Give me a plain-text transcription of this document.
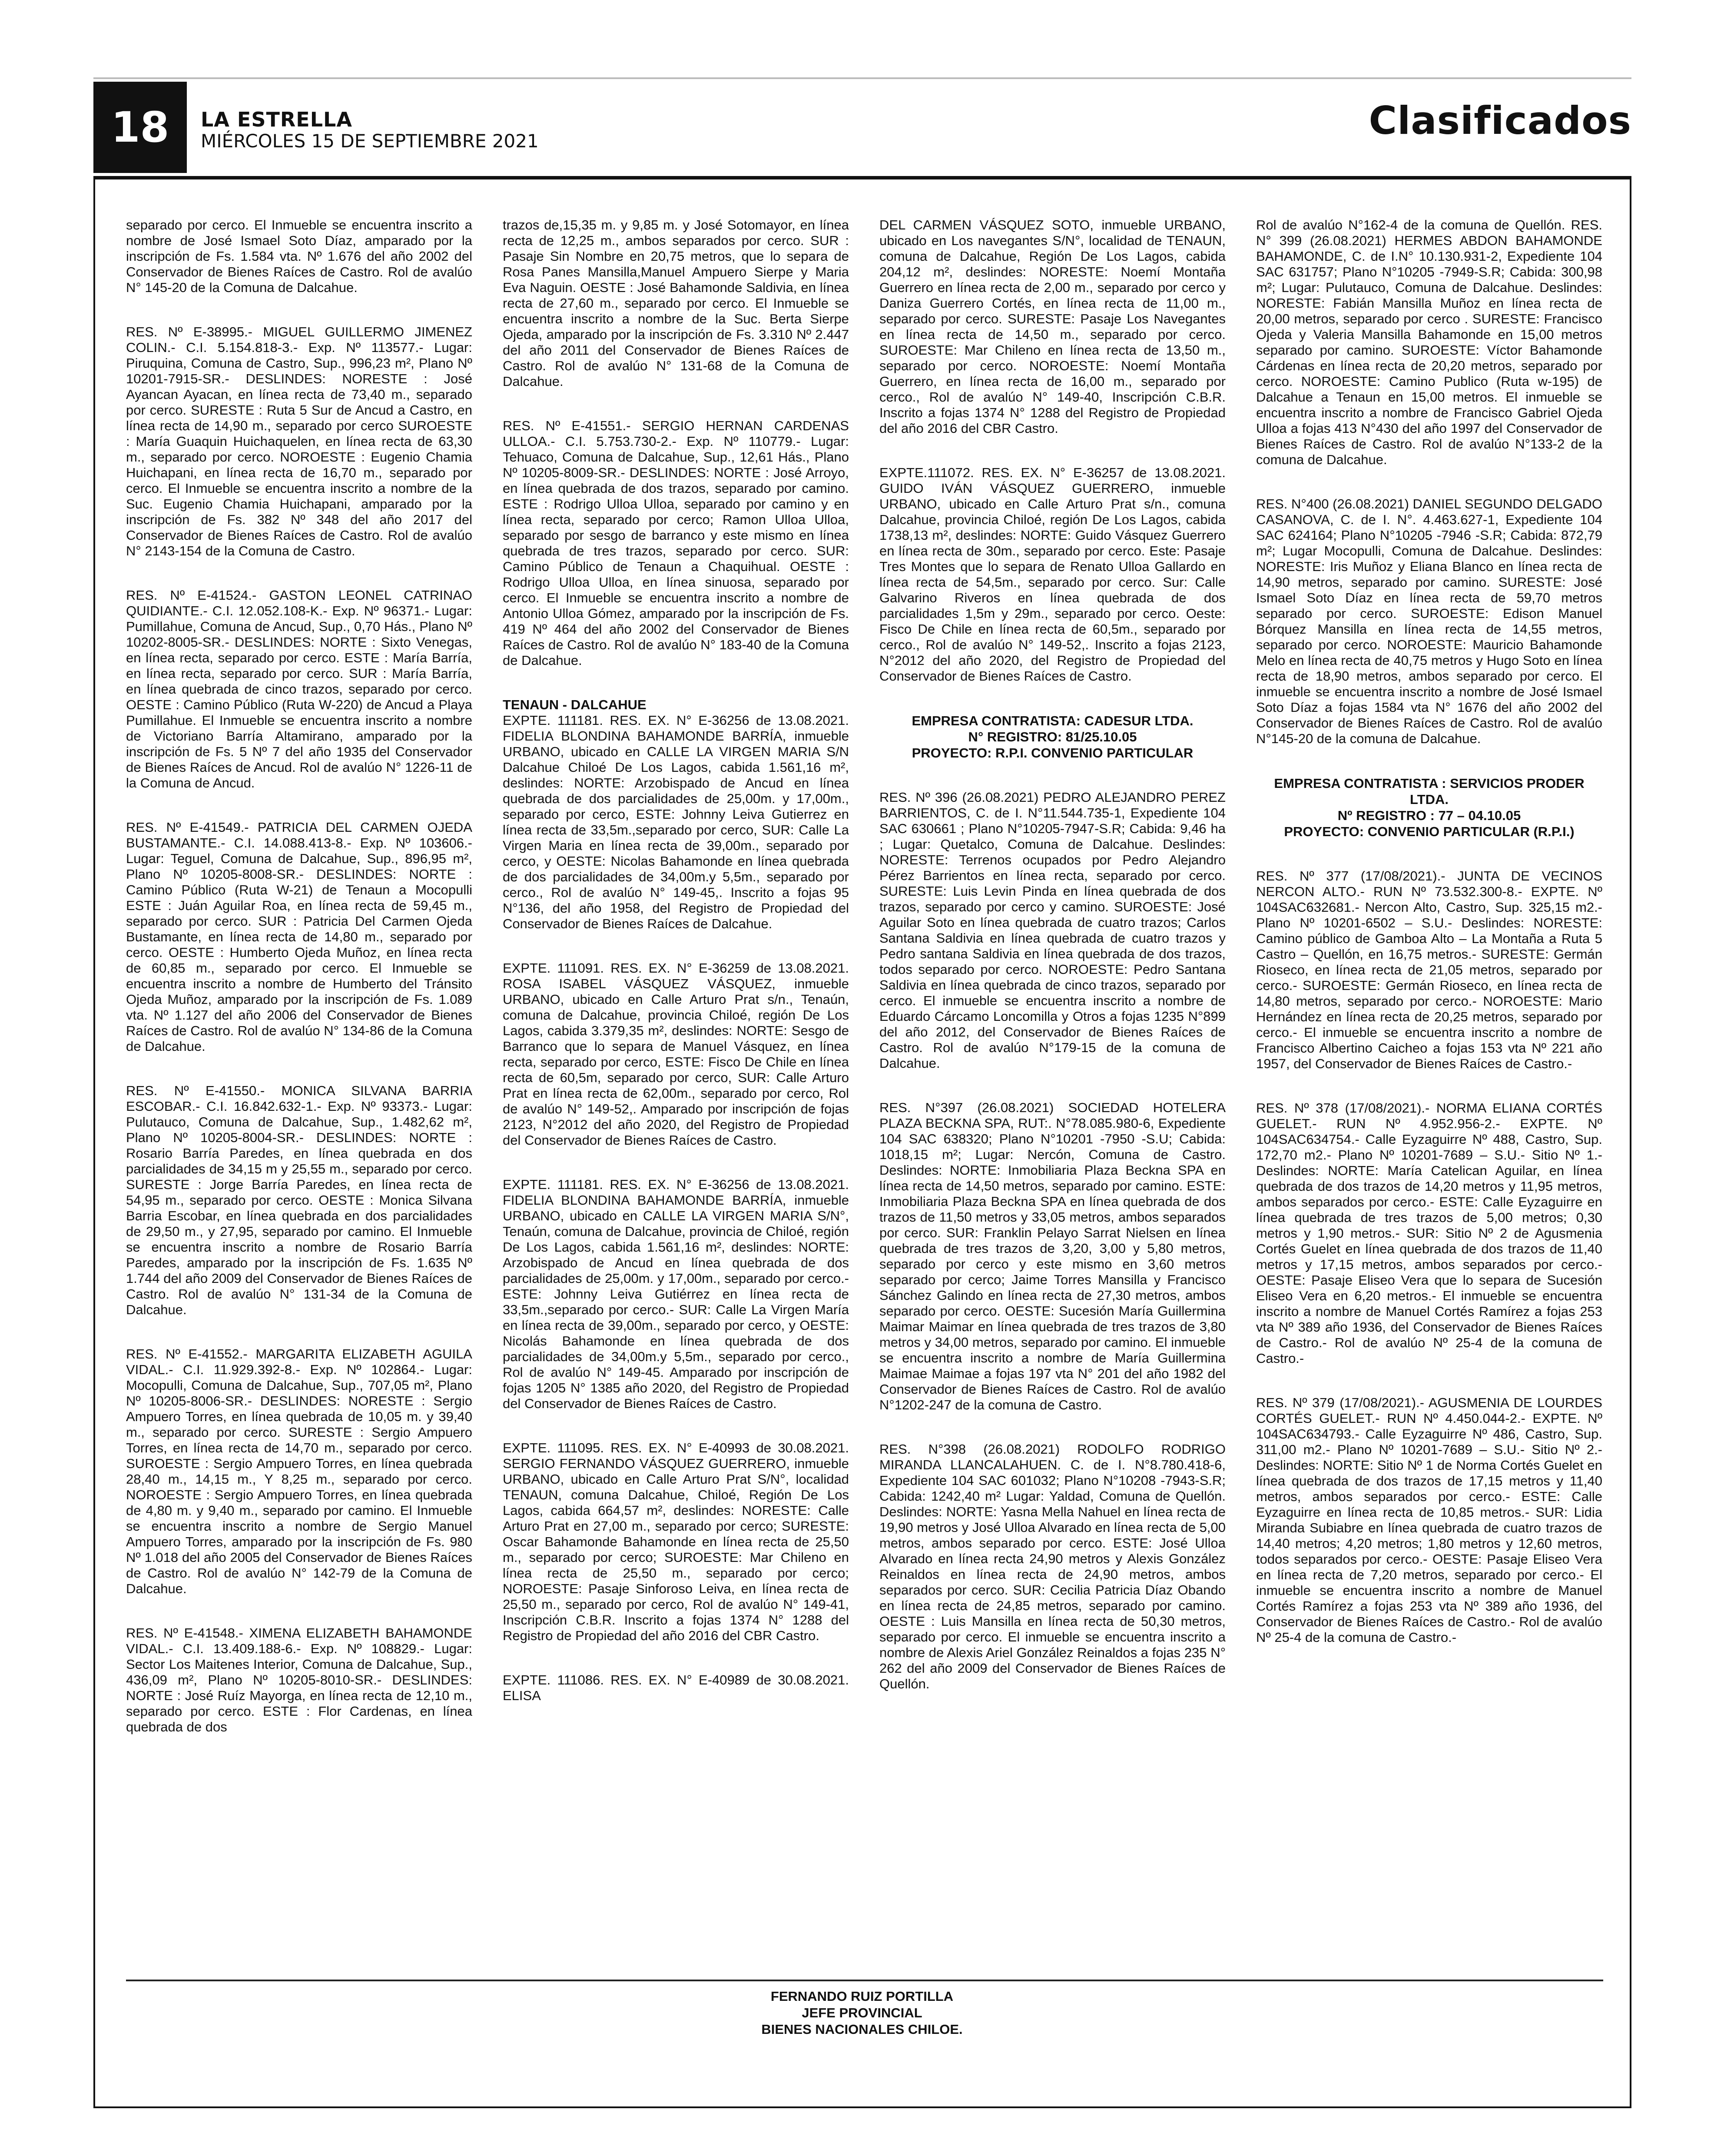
18	LA ESTRELLA
MIÉRCOLES 15 DE SEPTIEMBRE 2021	Clasificados

separado por cerco. El Inmueble se encuentra inscrito a nombre de José Ismael Soto Díaz, amparado por la inscripción de Fs. 1.584 vta. Nº 1.676 del año 2002 del Conservador de Bienes Raíces de Castro. Rol de avalúo N° 145-20 de la Comuna de Dalcahue.

RES. Nº E-38995.- MIGUEL GUILLERMO JIMENEZ COLIN.- C.I. 5.154.818-3.- Exp. Nº 113577.- Lugar: Piruquina, Comuna de Castro, Sup., 996,23 m², Plano Nº 10201-7915-SR.- DESLINDES: NORESTE : José Ayancan Ayacan, en línea recta de 73,40 m., separado por cerco. SURESTE : Ruta 5 Sur de Ancud a Castro, en línea recta de 14,90 m., separado por cerco SUROESTE : María Guaquin Huichaquelen, en línea recta de 63,30 m., separado por cerco. NOROESTE : Eugenio Chamia Huichapani, en línea recta de 16,70 m., separado por cerco. El Inmueble se encuentra inscrito a nombre de la Suc. Eugenio Chamia Huichapani, amparado por la inscripción de Fs. 382 Nº 348 del año 2017 del Conservador de Bienes Raíces de Castro. Rol de avalúo N° 2143-154 de la Comuna de Castro.

RES. Nº E-41524.- GASTON LEONEL CATRINAO QUIDIANTE.- C.I. 12.052.108-K.- Exp. Nº 96371.- Lugar: Pumillahue, Comuna de Ancud, Sup., 0,70 Hás., Plano Nº 10202-8005-SR.- DESLINDES: NORTE : Sixto Venegas, en línea recta, separado por cerco. ESTE : María Barría, en línea recta, separado por cerco. SUR : María Barría, en línea quebrada de cinco trazos, separado por cerco. OESTE : Camino Público (Ruta W-220) de Ancud a Playa Pumillahue. El Inmueble se encuentra inscrito a nombre de Victoriano Barría Altamirano, amparado por la inscripción de Fs. 5 Nº 7 del año 1935 del Conservador de Bienes Raíces de Ancud. Rol de avalúo N° 1226-11 de la Comuna de Ancud.

RES. Nº E-41549.- PATRICIA DEL CARMEN OJEDA BUSTAMANTE.- C.I. 14.088.413-8.- Exp. Nº 103606.- Lugar: Teguel, Comuna de Dalcahue, Sup., 896,95 m², Plano Nº 10205-8008-SR.- DESLINDES: NORTE : Camino Público (Ruta W-21) de Tenaun a Mocopulli ESTE : Juán Aguilar Roa, en línea recta de 59,45 m., separado por cerco. SUR : Patricia Del Carmen Ojeda Bustamante, en línea recta de 14,80 m., separado por cerco. OESTE : Humberto Ojeda Muñoz, en línea recta de 60,85 m., separado por cerco. El Inmueble se encuentra inscrito a nombre de Humberto del Tránsito Ojeda Muñoz, amparado por la inscripción de Fs. 1.089 vta. Nº 1.127 del año 2006 del Conservador de Bienes Raíces de Castro. Rol de avalúo N° 134-86 de la Comuna de Dalcahue.

RES. Nº E-41550.- MONICA SILVANA BARRIA ESCOBAR.- C.I. 16.842.632-1.- Exp. Nº 93373.- Lugar: Pulutauco, Comuna de Dalcahue, Sup., 1.482,62 m², Plano Nº 10205-8004-SR.- DESLINDES: NORTE : Rosario Barría Paredes, en línea quebrada en dos parcialidades de 34,15 m y 25,55 m., separado por cerco. SURESTE : Jorge Barría Paredes, en línea recta de 54,95 m., separado por cerco. OESTE : Monica Silvana Barria Escobar, en línea quebrada en dos parcialidades de 29,50 m., y 27,95, separado por camino. El Inmueble se encuentra inscrito a nombre de Rosario Barría Paredes, amparado por la inscripción de Fs. 1.635 Nº 1.744 del año 2009 del Conservador de Bienes Raíces de Castro. Rol de avalúo N° 131-34 de la Comuna de Dalcahue.

RES. Nº E-41552.- MARGARITA ELIZABETH AGUILA VIDAL.- C.I. 11.929.392-8.- Exp. Nº 102864.- Lugar: Mocopulli, Comuna de Dalcahue, Sup., 707,05 m², Plano Nº 10205-8006-SR.- DESLINDES: NORESTE : Sergio Ampuero Torres, en línea quebrada de 10,05 m. y 39,40 m., separado por cerco. SURESTE : Sergio Ampuero Torres, en línea recta de 14,70 m., separado por cerco. SUROESTE : Sergio Ampuero Torres, en línea quebrada 28,40 m., 14,15 m., Y 8,25 m., separado por cerco. NOROESTE : Sergio Ampuero Torres, en línea quebrada de 4,80 m. y 9,40 m., separado por camino. El Inmueble se encuentra inscrito a nombre de Sergio Manuel Ampuero Torres, amparado por la inscripción de Fs. 980 Nº 1.018 del año 2005 del Conservador de Bienes Raíces de Castro. Rol de avalúo N° 142-79 de la Comuna de Dalcahue.

RES. Nº E-41548.- XIMENA ELIZABETH BAHAMONDE VIDAL.- C.I. 13.409.188-6.- Exp. Nº 108829.- Lugar: Sector Los Maitenes Interior, Comuna de Dalcahue, Sup., 436,09 m², Plano Nº 10205-8010-SR.- DESLINDES: NORTE : José Ruíz Mayorga, en línea recta de 12,10 m., separado por cerco. ESTE : Flor Cardenas, en línea quebrada de dos

trazos de,15,35 m. y 9,85 m. y José Sotomayor, en línea recta de 12,25 m., ambos separados por cerco. SUR : Pasaje Sin Nombre en 20,75 metros, que lo separa de Rosa Panes Mansilla,Manuel Ampuero Sierpe y Maria Eva Naguin. OESTE : José Bahamonde Saldivia, en línea recta de 27,60 m., separado por cerco. El Inmueble se encuentra inscrito a nombre de la Suc. Berta Sierpe Ojeda, amparado por la inscripción de Fs. 3.310 Nº 2.447 del año 2011 del Conservador de Bienes Raíces de Castro. Rol de avalúo N° 131-68 de la Comuna de Dalcahue.

RES. Nº E-41551.- SERGIO HERNAN CARDENAS ULLOA.- C.I. 5.753.730-2.- Exp. Nº 110779.- Lugar: Tehuaco, Comuna de Dalcahue, Sup., 12,61 Hás., Plano Nº 10205-8009-SR.- DESLINDES: NORTE : José Arroyo, en línea quebrada de dos trazos, separado por camino. ESTE : Rodrigo Ulloa Ulloa, separado por camino y en línea recta, separado por cerco; Ramon Ulloa Ulloa, separado por sesgo de barranco y este mismo en línea quebrada de tres trazos, separado por cerco. SUR: Camino Público de Tenaun a Chaquihual. OESTE : Rodrigo Ulloa Ulloa, en línea sinuosa, separado por cerco. El Inmueble se encuentra inscrito a nombre de Antonio Ulloa Gómez, amparado por la inscripción de Fs. 419 Nº 464 del año 2002 del Conservador de Bienes Raíces de Castro. Rol de avalúo N° 183-40 de la Comuna de Dalcahue.

TENAUN - DALCAHUE

EXPTE. 111181. RES. EX. N° E-36256 de 13.08.2021. FIDELIA BLONDINA BAHAMONDE BARRÍA, inmueble URBANO, ubicado en CALLE LA VIRGEN MARIA S/N Dalcahue Chiloé De Los Lagos, cabida 1.561,16 m², deslindes: NORTE: Arzobispado de Ancud en línea quebrada de dos parcialidades de 25,00m. y 17,00m., separado por cerco, ESTE: Johnny Leiva Gutierrez en línea recta de 33,5m.,separado por cerco, SUR: Calle La Virgen Maria en línea recta de 39,00m., separado por cerco, y OESTE: Nicolas Bahamonde en línea quebrada de dos parcialidades de 34,00m.y 5,5m., separado por cerco., Rol de avalúo N° 149-45,. Inscrito a fojas 95 N°136, del año 1958, del Registro de Propiedad del Conservador de Bienes Raíces de Dalcahue.

EXPTE. 111091. RES. EX. N° E-36259 de 13.08.2021. ROSA ISABEL VÁSQUEZ VÁSQUEZ, inmueble URBANO, ubicado en Calle Arturo Prat s/n., Tenaún, comuna de Dalcahue, provincia Chiloé, región De Los Lagos, cabida 3.379,35 m², deslindes: NORTE: Sesgo de Barranco que lo separa de Manuel Vásquez, en línea recta, separado por cerco, ESTE: Fisco De Chile en línea recta de 60,5m, separado por cerco, SUR: Calle Arturo Prat en línea recta de 62,00m., separado por cerco, Rol de avalúo N° 149-52,. Amparado por inscripción de fojas 2123, N°2012 del año 2020, del Registro de Propiedad del Conservador de Bienes Raíces de Castro.

EXPTE. 111181. RES. EX. N° E-36256 de 13.08.2021. FIDELIA BLONDINA BAHAMONDE BARRÍA, inmueble URBANO, ubicado en CALLE LA VIRGEN MARIA S/N°, Tenaún, comuna de Dalcahue, provincia de Chiloé, región De Los Lagos, cabida 1.561,16 m², deslindes: NORTE: Arzobispado de Ancud en línea quebrada de dos parcialidades de 25,00m. y 17,00m., separado por cerco.- ESTE: Johnny Leiva Gutiérrez en línea recta de 33,5m.,separado por cerco.- SUR: Calle La Virgen María en línea recta de 39,00m., separado por cerco, y OESTE: Nicolás Bahamonde en línea quebrada de dos parcialidades de 34,00m.y 5,5m., separado por cerco., Rol de avalúo N° 149-45. Amparado por inscripción de fojas 1205 N° 1385 año 2020, del Registro de Propiedad del Conservador de Bienes Raíces de Castro.

EXPTE. 111095. RES. EX. N° E-40993 de 30.08.2021. SERGIO FERNANDO VÁSQUEZ GUERRERO, inmueble URBANO, ubicado en Calle Arturo Prat S/N°, localidad TENAUN, comuna Dalcahue, Chiloé, Región De Los Lagos, cabida 664,57 m², deslindes: NORESTE: Calle Arturo Prat en 27,00 m., separado por cerco; SURESTE: Oscar Bahamonde Bahamonde en línea recta de 25,50 m., separado por cerco; SUROESTE: Mar Chileno en línea recta de 25,50 m., separado por cerco; NOROESTE: Pasaje Sinforoso Leiva, en línea recta de 25,50 m., separado por cerco, Rol de avalúo N° 149-41, Inscripción C.B.R. Inscrito a fojas 1374 N° 1288 del Registro de Propiedad del año 2016 del CBR Castro.

EXPTE. 111086. RES. EX. N° E-40989 de 30.08.2021. ELISA

DEL CARMEN VÁSQUEZ SOTO, inmueble URBANO, ubicado en Los navegantes S/N°, localidad de TENAUN, comuna de Dalcahue, Región De Los Lagos, cabida 204,12 m², deslindes: NORESTE: Noemí Montaña Guerrero en línea recta de 2,00 m., separado por cerco y Daniza Guerrero Cortés, en línea recta de 11,00 m., separado por cerco. SURESTE: Pasaje Los Navegantes en línea recta de 14,50 m., separado por cerco. SUROESTE: Mar Chileno en línea recta de 13,50 m., separado por cerco. NOROESTE: Noemí Montaña Guerrero, en línea recta de 16,00 m., separado por cerco., Rol de avalúo N° 149-40, Inscripción C.B.R. Inscrito a fojas 1374 N° 1288 del Registro de Propiedad del año 2016 del CBR Castro.

EXPTE.111072. RES. EX. N° E-36257 de 13.08.2021. GUIDO IVÁN VÁSQUEZ GUERRERO, inmueble URBANO, ubicado en Calle Arturo Prat s/n., comuna Dalcahue, provincia Chiloé, región De Los Lagos, cabida 1738,13 m², deslindes: NORTE: Guido Vásquez Guerrero en línea recta de 30m., separado por cerco. Este: Pasaje Tres Montes que lo separa de Renato Ulloa Gallardo en línea recta de 54,5m., separado por cerco. Sur: Calle Galvarino Riveros en línea quebrada de dos parcialidades 1,5m y 29m., separado por cerco. Oeste: Fisco De Chile en línea recta de 60,5m., separado por cerco., Rol de avalúo N° 149-52,. Inscrito a fojas 2123, N°2012 del año 2020, del Registro de Propiedad del Conservador de Bienes Raíces de Castro.

EMPRESA CONTRATISTA: CADESUR LTDA.
N° REGISTRO: 81/25.10.05
PROYECTO: R.P.I. CONVENIO PARTICULAR

RES. Nº 396 (26.08.2021) PEDRO ALEJANDRO PEREZ BARRIENTOS, C. de I. N°11.544.735-1, Expediente 104 SAC 630661 ; Plano N°10205-7947-S.R; Cabida: 9,46 ha ; Lugar: Quetalco, Comuna de Dalcahue. Deslindes: NORESTE: Terrenos ocupados por Pedro Alejandro Pérez Barrientos en línea recta, separado por cerco. SURESTE: Luis Levin Pinda en línea quebrada de dos trazos, separado por cerco y camino. SUROESTE: José Aguilar Soto en línea quebrada de cuatro trazos; Carlos Santana Saldivia en línea quebrada de cuatro trazos y Pedro santana Saldivia en línea quebrada de dos trazos, todos separado por cerco. NOROESTE: Pedro Santana Saldivia en línea quebrada de cinco trazos, separado por cerco. El inmueble se encuentra inscrito a nombre de Eduardo Cárcamo Loncomilla y Otros a fojas 1235 N°899 del año 2012, del Conservador de Bienes Raíces de Castro. Rol de avalúo N°179-15 de la comuna de Dalcahue.

RES. N°397 (26.08.2021) SOCIEDAD HOTELERA PLAZA BECKNA SPA, RUT:. N°78.085.980-6, Expediente 104 SAC 638320; Plano N°10201 -7950 -S.U; Cabida: 1018,15 m²; Lugar: Nercón, Comuna de Castro. Deslindes: NORTE: Inmobiliaria Plaza Beckna SPA en línea recta de 14,50 metros, separado por camino. ESTE: Inmobiliaria Plaza Beckna SPA en línea quebrada de dos trazos de 11,50 metros y 33,05 metros, ambos separados por cerco. SUR: Franklin Pelayo Sarrat Nielsen en línea quebrada de tres trazos de 3,20, 3,00 y 5,80 metros, separado por cerco y este mismo en 3,60 metros separado por cerco; Jaime Torres Mansilla y Francisco Sánchez Galindo en línea recta de 27,30 metros, ambos separado por cerco. OESTE: Sucesión María Guillermina Maimar Maimar en línea quebrada de tres trazos de 3,80 metros y 34,00 metros, separado por camino. El inmueble se encuentra inscrito a nombre de María Guillermina Maimae Maimae a fojas 197 vta N° 201 del año 1982 del Conservador de Bienes Raíces de Castro. Rol de avalúo N°1202-247 de la comuna de Castro.

RES. N°398 (26.08.2021) RODOLFO RODRIGO MIRANDA LLANCALAHUEN. C. de I. N°8.780.418-6, Expediente 104 SAC 601032; Plano N°10208 -7943-S.R; Cabida: 1242,40 m² Lugar: Yaldad, Comuna de Quellón. Deslindes: NORTE: Yasna Mella Nahuel en línea recta de 19,90 metros y José Ulloa Alvarado en línea recta de 5,00 metros, ambos separado por cerco. ESTE: José Ulloa Alvarado en línea recta 24,90 metros y Alexis González Reinaldos en línea recta de 24,90 metros, ambos separados por cerco. SUR: Cecilia Patricia Díaz Obando en línea recta de 24,85 metros, separado por camino. OESTE : Luis Mansilla en línea recta de 50,30 metros, separado por cerco. El inmueble se encuentra inscrito a nombre de Alexis Ariel González Reinaldos a fojas 235 N° 262 del año 2009 del Conservador de Bienes Raíces de Quellón.

Rol de avalúo N°162-4 de la comuna de Quellón. RES. N° 399 (26.08.2021) HERMES ABDON BAHAMONDE BAHAMONDE, C. de I.N° 10.130.931-2, Expediente 104 SAC 631757; Plano N°10205 -7949-S.R; Cabida: 300,98 m²; Lugar: Pulutauco, Comuna de Dalcahue. Deslindes: NORESTE: Fabián Mansilla Muñoz en línea recta de 20,00 metros, separado por cerco . SURESTE: Francisco Ojeda y Valeria Mansilla Bahamonde en 15,00 metros separado por camino. SUROESTE: Víctor Bahamonde Cárdenas en línea recta de 20,20 metros, separado por cerco. NOROESTE: Camino Publico (Ruta w-195) de Dalcahue a Tenaun en 15,00 metros. El inmueble se encuentra inscrito a nombre de Francisco Gabriel Ojeda Ulloa a fojas 413 N°430 del año 1997 del Conservador de Bienes Raíces de Castro. Rol de avalúo N°133-2 de la comuna de Dalcahue.

RES. N°400 (26.08.2021) DANIEL SEGUNDO DELGADO CASANOVA, C. de I. N°. 4.463.627-1, Expediente 104 SAC 624164; Plano N°10205 -7946 -S.R; Cabida: 872,79 m²; Lugar Mocopulli, Comuna de Dalcahue. Deslindes: NORESTE: Iris Muñoz y Eliana Blanco en línea recta de 14,90 metros, separado por camino. SURESTE: José Ismael Soto Díaz en línea recta de 59,70 metros separado por cerco. SUROESTE: Edison Manuel Bórquez Mansilla en línea recta de 14,55 metros, separado por cerco. NOROESTE: Mauricio Bahamonde Melo en línea recta de 40,75 metros y Hugo Soto en línea recta de 18,90 metros, ambos separado por cerco. El inmueble se encuentra inscrito a nombre de José Ismael Soto Díaz a fojas 1584 vta N° 1676 del año 2002 del Conservador de Bienes Raíces de Castro. Rol de avalúo N°145-20 de la comuna de Dalcahue.

EMPRESA CONTRATISTA : SERVICIOS PRODER LTDA.
Nº REGISTRO : 77 – 04.10.05
PROYECTO: CONVENIO PARTICULAR (R.P.I.)

RES. Nº 377 (17/08/2021).- JUNTA DE VECINOS NERCON ALTO.- RUN Nº 73.532.300-8.- EXPTE. Nº 104SAC632681.- Nercon Alto, Castro, Sup. 325,15 m2.- Plano Nº 10201-6502 – S.U.- Deslindes: NORESTE: Camino público de Gamboa Alto – La Montaña a Ruta 5 Castro – Quellón, en 16,75 metros.- SURESTE: Germán Rioseco, en línea recta de 21,05 metros, separado por cerco.- SUROESTE: Germán Rioseco, en línea recta de 14,80 metros, separado por cerco.- NOROESTE: Mario Hernández en línea recta de 20,25 metros, separado por cerco.- El inmueble se encuentra inscrito a nombre de Francisco Albertino Caicheo a fojas 153 vta Nº 221 año 1957, del Conservador de Bienes Raíces de Castro.-

RES. Nº 378 (17/08/2021).- NORMA ELIANA CORTÉS GUELET.- RUN Nº 4.952.956-2.- EXPTE. Nº 104SAC634754.- Calle Eyzaguirre Nº 488, Castro, Sup. 172,70 m2.- Plano Nº 10201-7689 – S.U.- Sitio Nº 1.- Deslindes: NORTE: María Catelican Aguilar, en línea quebrada de dos trazos de 14,20 metros y 11,95 metros, ambos separados por cerco.- ESTE: Calle Eyzaguirre en línea quebrada de tres trazos de 5,00 metros; 0,30 metros y 1,90 metros.- SUR: Sitio Nº 2 de Agusmenia Cortés Guelet en línea quebrada de dos trazos de 11,40 metros y 17,15 metros, ambos separados por cerco.- OESTE: Pasaje Eliseo Vera que lo separa de Sucesión Eliseo Vera en 6,20 metros.- El inmueble se encuentra inscrito a nombre de Manuel Cortés Ramírez a fojas 253 vta Nº 389 año 1936, del Conservador de Bienes Raíces de Castro.- Rol de avalúo Nº 25-4 de la comuna de Castro.-

RES. Nº 379 (17/08/2021).- AGUSMENIA DE LOURDES CORTÉS GUELET.- RUN Nº 4.450.044-2.- EXPTE. Nº 104SAC634793.- Calle Eyzaguirre Nº 486, Castro, Sup. 311,00 m2.- Plano Nº 10201-7689 – S.U.- Sitio Nº 2.- Deslindes: NORTE: Sitio Nº 1 de Norma Cortés Guelet en línea quebrada de dos trazos de 17,15 metros y 11,40 metros, ambos separados por cerco.- ESTE: Calle Eyzaguirre en línea recta de 10,85 metros.- SUR: Lidia Miranda Subiabre en línea quebrada de cuatro trazos de 14,40 metros; 4,20 metros; 1,80 metros y 12,60 metros, todos separados por cerco.- OESTE: Pasaje Eliseo Vera en línea recta de 7,20 metros, separado por cerco.- El inmueble se encuentra inscrito a nombre de Manuel Cortés Ramírez a fojas 253 vta Nº 389 año 1936, del Conservador de Bienes Raíces de Castro.- Rol de avalúo Nº 25-4 de la comuna de Castro.-

FERNANDO RUIZ PORTILLA
JEFE PROVINCIAL
BIENES NACIONALES CHILOE.
